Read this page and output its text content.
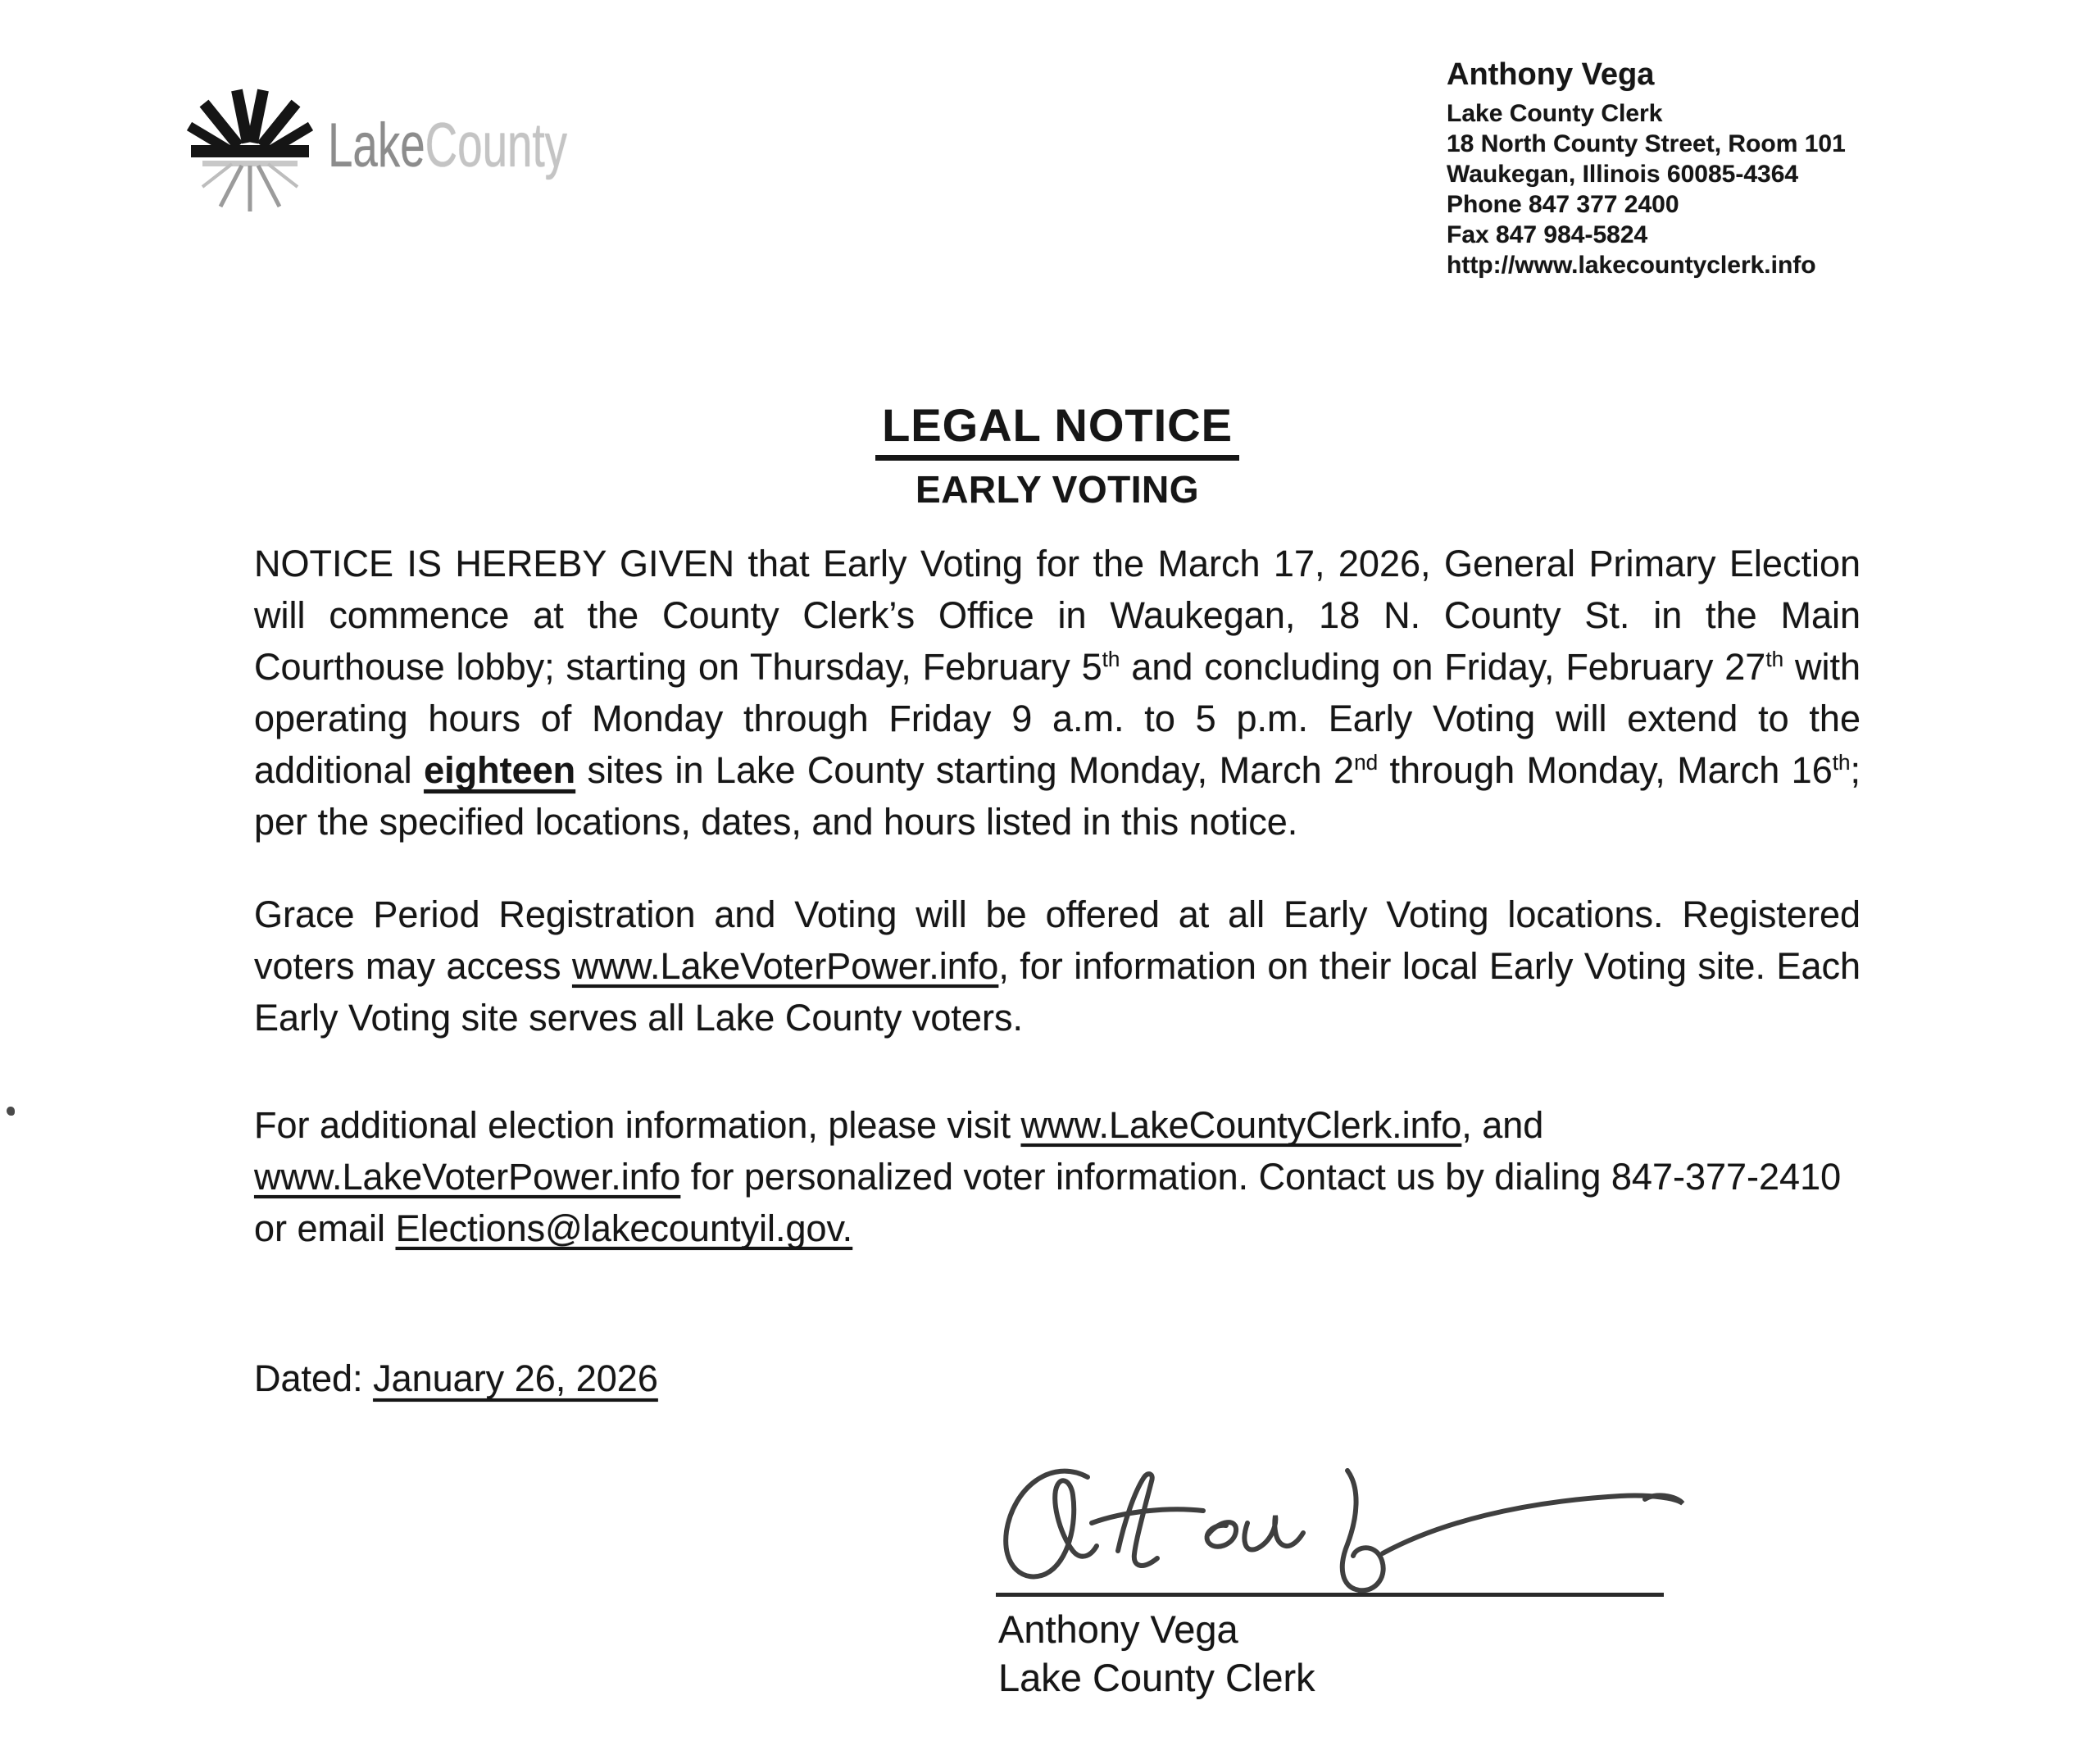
LakeCounty
Anthony Vega
Lake County Clerk
18 North County Street, Room 101
Waukegan, Illinois 60085-4364
Phone 847 377 2400
Fax 847 984-5824
http://www.lakecountyclerk.info
LEGAL NOTICE
EARLY VOTING

NOTICE IS HEREBY GIVEN that Early Voting for the March 17, 2026, General Primary Election will commence at the County Clerk’s Office in Waukegan, 18 N. County St. in the Main Courthouse lobby; starting on Thursday, February 5th and concluding on Friday, February 27th with operating hours of Monday through Friday 9 a.m. to 5 p.m. Early Voting will extend to the additional eighteen sites in Lake County starting Monday, March 2nd through Monday, March 16th; per the specified locations, dates, and hours listed in this notice.

Grace Period Registration and Voting will be offered at all Early Voting locations. Registered voters may access www.LakeVoterPower.info, for information on their local Early Voting site. Each Early Voting site serves all Lake County voters.

For additional election information, please visit www.LakeCountyClerk.info, and www.LakeVoterPower.info for personalized voter information. Contact us by dialing 847-377-2410 or email Elections@lakecountyil.gov.

Dated: January 26, 2026
Anthony Vega
Lake County Clerk
